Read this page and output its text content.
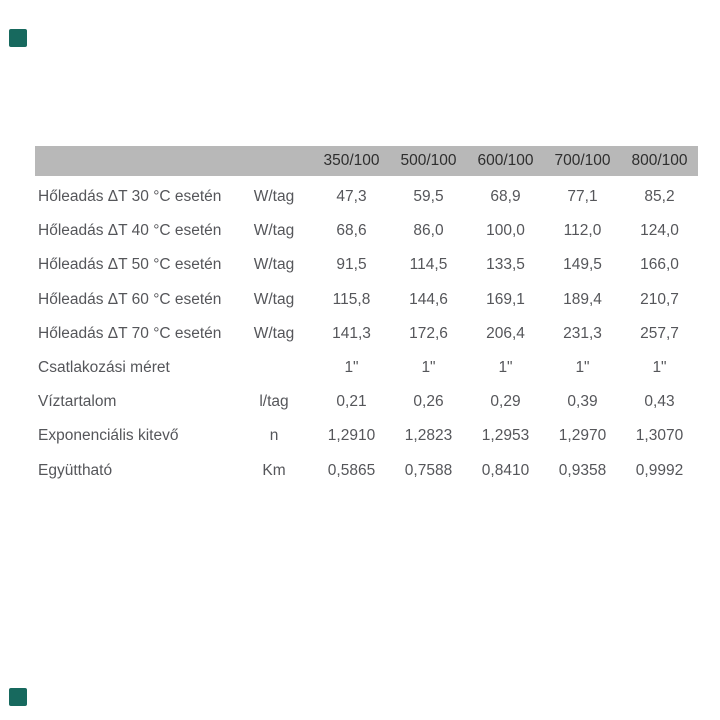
		350/100	500/100	600/100	700/100	800/100
Hőleadás ΔT 30 °C esetén	W/tag	47,3	59,5	68,9	77,1	85,2
Hőleadás ΔT 40 °C esetén	W/tag	68,6	86,0	100,0	112,0	124,0
Hőleadás ΔT 50 °C esetén	W/tag	91,5	114,5	133,5	149,5	166,0
Hőleadás ΔT 60 °C esetén	W/tag	115,8	144,6	169,1	189,4	210,7
Hőleadás ΔT 70 °C esetén	W/tag	141,3	172,6	206,4	231,3	257,7
Csatlakozási méret		1"	1"	1"	1"	1"
Víztartalom	l/tag	0,21	0,26	0,29	0,39	0,43
Exponenciális kitevő	n	1,2910	1,2823	1,2953	1,2970	1,3070
Együttható	Km	0,5865	0,7588	0,8410	0,9358	0,9992
